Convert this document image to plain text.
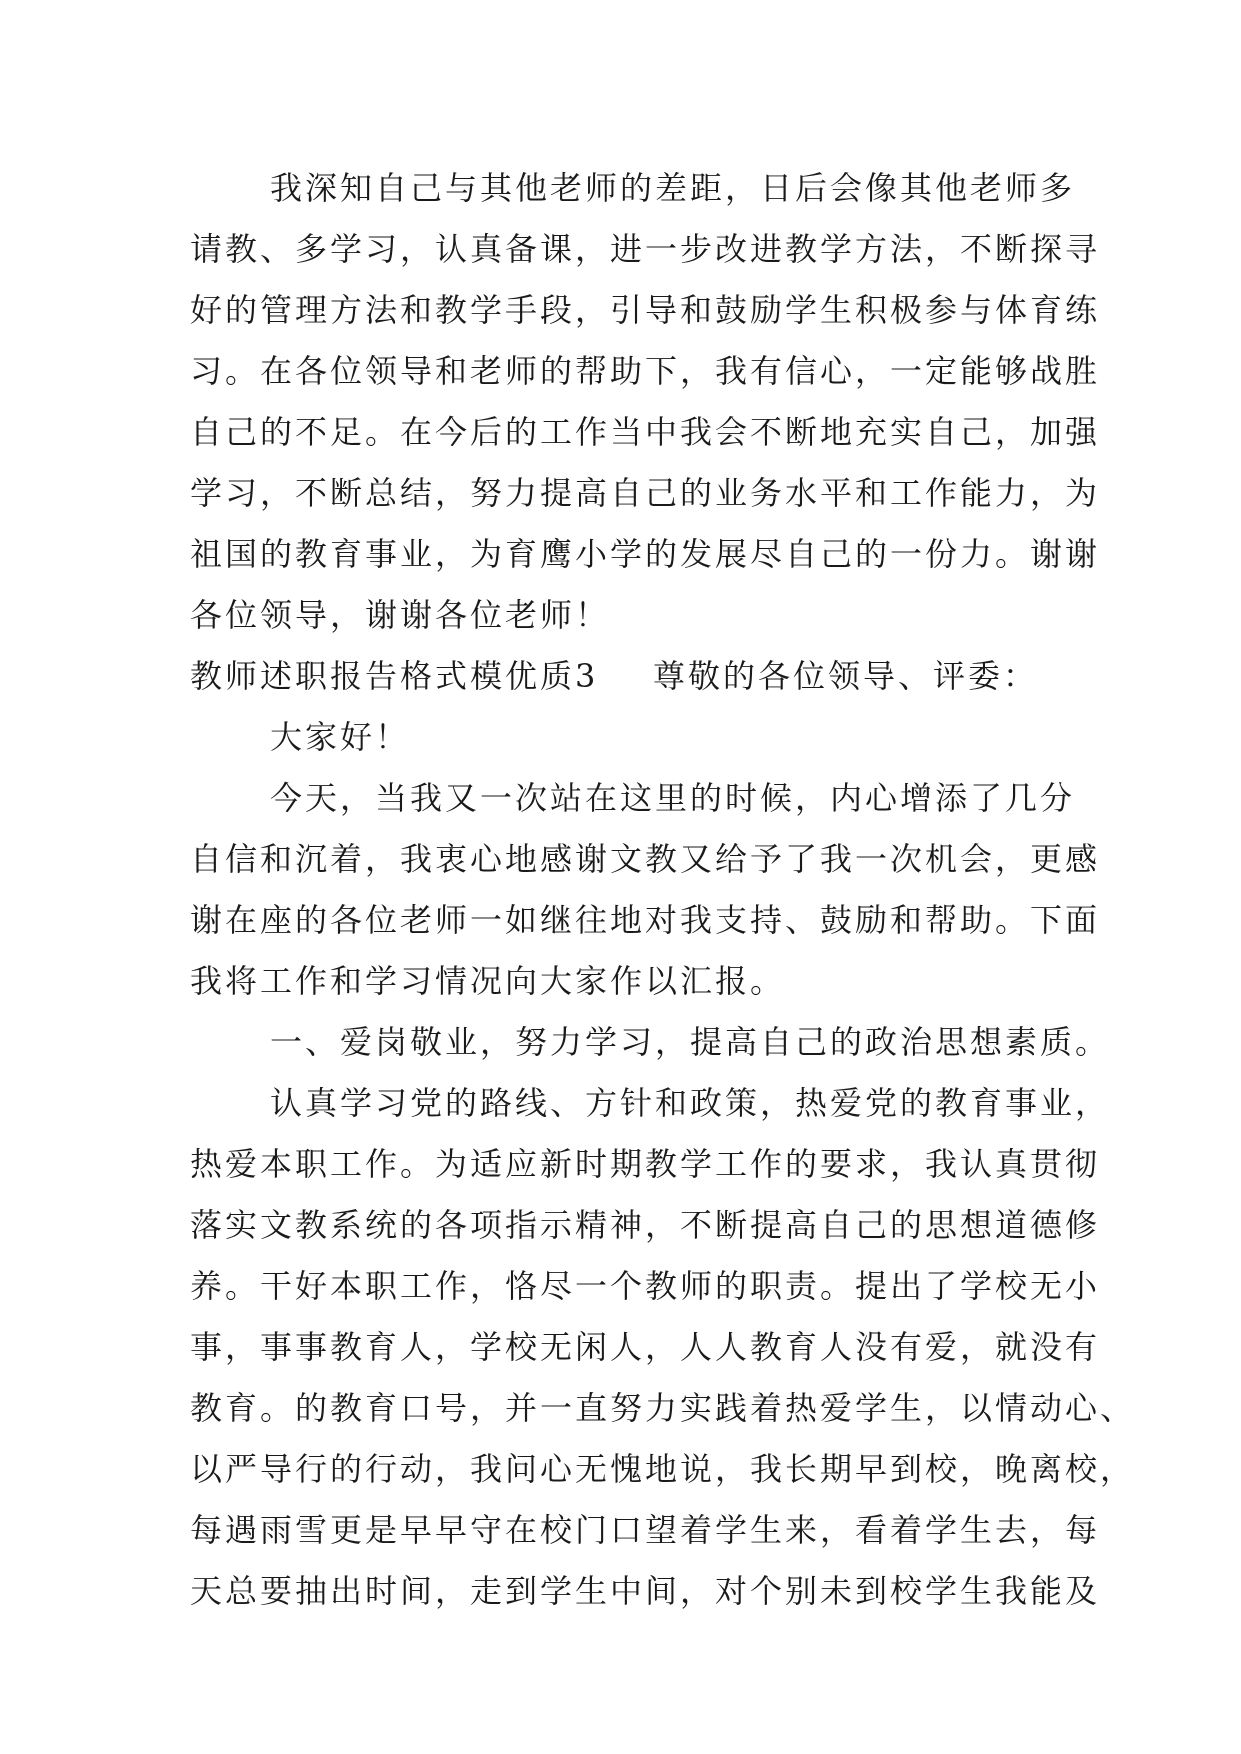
我深知自己与其他老师的差距，日后会像其他老师多
请教、多学习，认真备课，进一步改进教学方法，不断探寻
好的管理方法和教学手段，引导和鼓励学生积极参与体育练
习。在各位领导和老师的帮助下，我有信心，一定能够战胜
自己的不足。在今后的工作当中我会不断地充实自己，加强
学习，不断总结，努力提高自己的业务水平和工作能力，为
祖国的教育事业，为育鹰小学的发展尽自己的一份力。谢谢
各位领导，谢谢各位老师！
教师述职报告格式模优质3	尊敬的各位领导、评委：
大家好！
今天，当我又一次站在这里的时候，内心增添了几分
自信和沉着，我衷心地感谢文教又给予了我一次机会，更感
谢在座的各位老师一如继往地对我支持、鼓励和帮助。下面
我将工作和学习情况向大家作以汇报。
一、爱岗敬业，努力学习，提高自己的政治思想素质。
认真学习党的路线、方针和政策，热爱党的教育事业，
热爱本职工作。为适应新时期教学工作的要求，我认真贯彻
落实文教系统的各项指示精神，不断提高自己的思想道德修
养。干好本职工作，恪尽一个教师的职责。提出了学校无小
事，事事教育人，学校无闲人，人人教育人没有爱，就没有
教育。的教育口号，并一直努力实践着热爱学生，以情动心、
以严导行的行动，我问心无愧地说，我长期早到校，晚离校，
每遇雨雪更是早早守在校门口望着学生来，看着学生去，每
天总要抽出时间，走到学生中间，对个别未到校学生我能及
